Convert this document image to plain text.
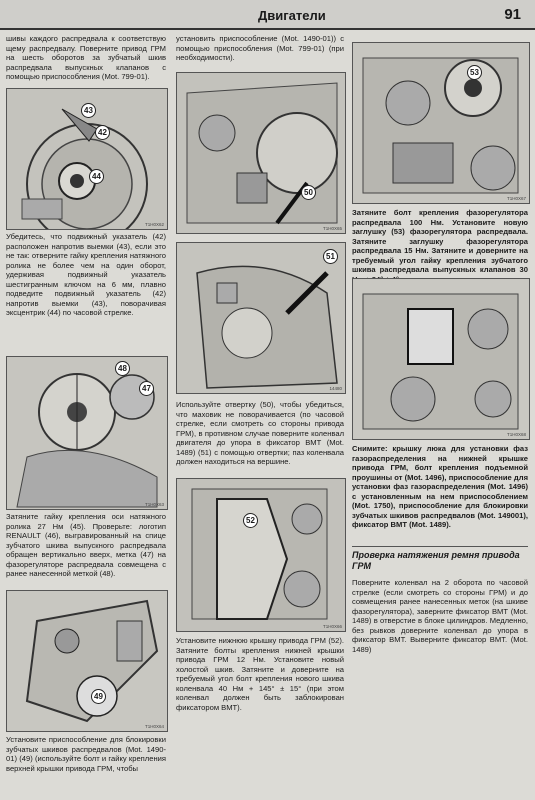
Двигатели	91

шивы каждого распредвала к соответствую щему распредвалу. Поверните привод ГРМ на шесть оборотов за зубчатый шкив распредвала выпускных клапанов с помощью приспособления (Mot. 799-01).

43
42
44
T1H0X62

Убедитесь, что подвижный указатель (42) расположен напротив выемки (43), если это не так: отверните гайку крепления натяжного ролика не более чем на один оборот, удерживая подвижный указатель шестигранным ключом на 6 мм, плавно подведите подвижный указатель (42) напротив выемки (43), поворачивая эксцентрик (44) по часовой стрелке.

48
47
T1H0X63

Затяните гайку крепления оси натяжного ролика 27 Нм (45). Проверьте: логотип RENAULT (46), выгравированный на спице зубчатого шкива выпускного распредвала обращен вертикально вверх, метка (47) на фазорегуляторе распредвала совмещена с ранее нанесенной меткой (48).

49
T1H0X64

Установите приспособление для блокировки зубчатых шкивов распредвалов (Mot. 1490-01) (49) (используйте болт и гайку крепления верхней крышки привода ГРМ, чтобы

установить приспособление (Mot. 1490-01)) с помощью приспособления (Mot. 799-01) (при необходимости).

50
T1H0X65
51
14480

Используйте отвертку (50), чтобы убедиться, что маховик не поворачивается (по часовой стрелке, если смотреть со стороны привода ГРМ), в противном случае поверните коленвал двигателя до упора в фиксатор ВМТ (Mot. 1489) (51) с помощью отвертки; паз коленвала должен находиться на вершине.

52
T1H0X66

Установите нижнюю крышку привода ГРМ (52). Затяните болты крепления нижней крышки привода ГРМ 12 Нм. Установите новый холостой шкив. Затяните и доверните на требуемый угол болт крепления нового шкива коленвала 40 Нм + 145° ± 15° (при этом коленвал должен быть заблокирован фиксатором ВМТ).

53
T1H0X67

Затяните болт крепления фазорегулятора распредвала 100 Нм. Установите новую заглушку (53) фазорегулятора распредвала. Затяните заглушку фазорегулятора распредвала 15 Нм. Затяните и доверните на требуемый угол гайку крепления зубчатого шкива распредвала выпускных клапанов 30

T1H0X68

Снимите: крышку люка для установки фаз газораспределения на нижней крышке привода ГРМ, болт крепления подъемной проушины от (Mot. 1496), приспособление для установки фаз газораспределения (Mot. 1496) с установленным на нем приспособлением (Mot. 1750), приспособление для блокировки зубчатых шкивов распредвалов (Mot. 149001), фиксатор ВМТ (Mot. 1489).

Проверка натяжения ремня привода ГРМ

Поверните коленвал на 2 оборота по часовой стрелке (если смотреть со стороны ГРМ) и до совмещения ранее нанесенных меток (на шкиве фазорегулятора), заверните фиксатор ВМТ (Mot. 1489) в отверстие в блоке цилиндров. Медленно, без рывков доверните коленвал до упора в фиксатор ВМТ. Выверните фиксатор ВМТ. (Mot. 1489)
